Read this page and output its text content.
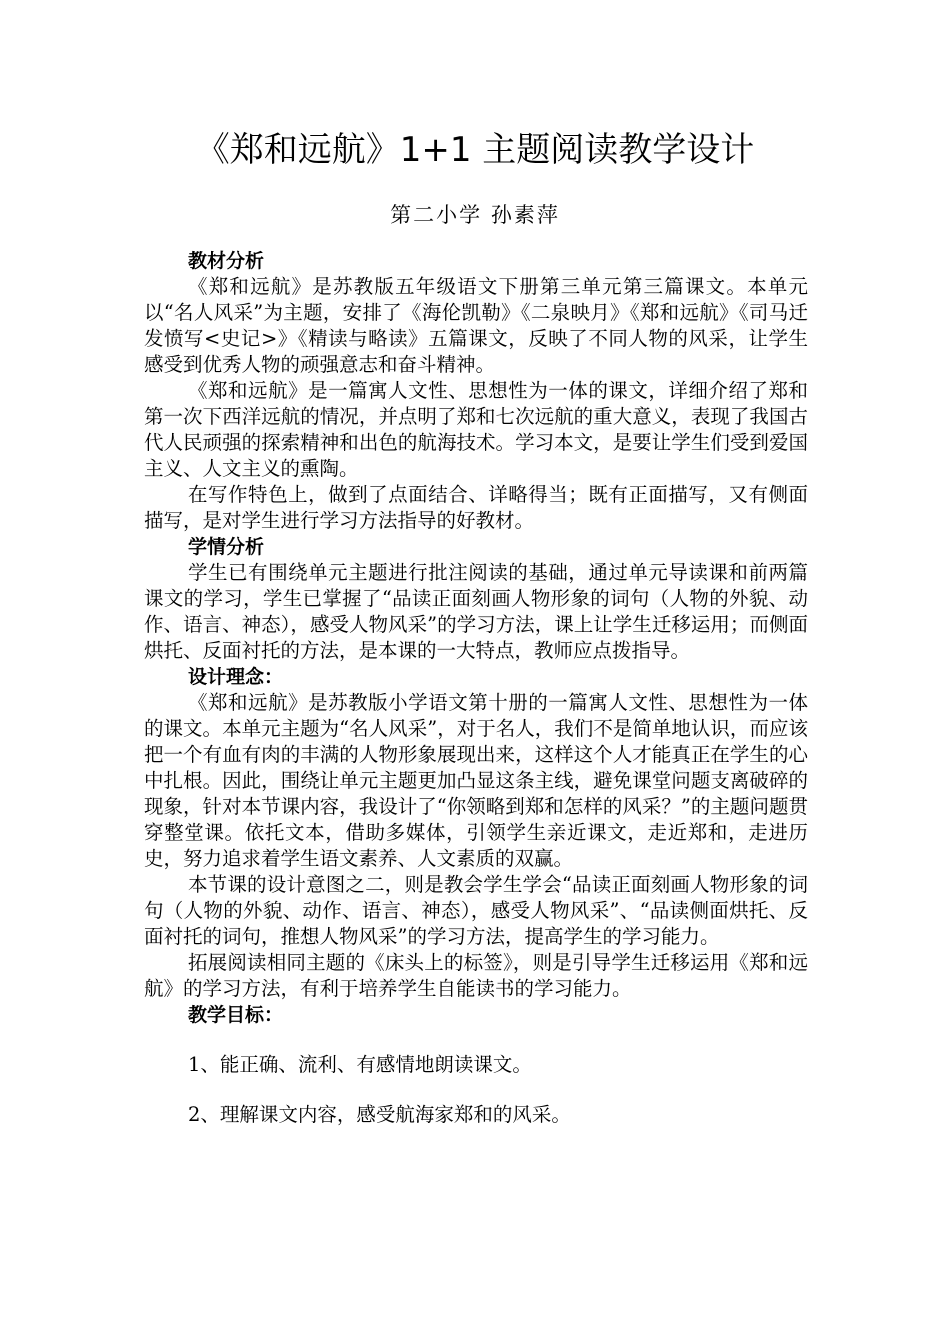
《郑和远航》1+1 主题阅读教学设计
第二小学 孙素萍
教材分析
《郑和远航》是苏教版五年级语文下册第三单元第三篇课文。本单元以“名人风采”为主题，安排了《海伦凯勒》《二泉映月》《郑和远航》《司马迁发愤写<史记>》《精读与略读》五篇课文，反映了不同人物的风采，让学生感受到优秀人物的顽强意志和奋斗精神。
《郑和远航》是一篇寓人文性、思想性为一体的课文，详细介绍了郑和第一次下西洋远航的情况，并点明了郑和七次远航的重大意义，表现了我国古代人民顽强的探索精神和出色的航海技术。学习本文，是要让学生们受到爱国主义、人文主义的熏陶。
在写作特色上，做到了点面结合、详略得当；既有正面描写，又有侧面描写，是对学生进行学习方法指导的好教材。
学情分析
学生已有围绕单元主题进行批注阅读的基础，通过单元导读课和前两篇课文的学习，学生已掌握了“品读正面刻画人物形象的词句（人物的外貌、动作、语言、神态），感受人物风采”的学习方法，课上让学生迁移运用；而侧面烘托、反面衬托的方法，是本课的一大特点，教师应点拨指导。
设计理念：
《郑和远航》是苏教版小学语文第十册的一篇寓人文性、思想性为一体的课文。本单元主题为“名人风采”，对于名人，我们不是简单地认识，而应该把一个有血有肉的丰满的人物形象展现出来，这样这个人才能真正在学生的心中扎根。因此，围绕让单元主题更加凸显这条主线，避免课堂问题支离破碎的现象，针对本节课内容，我设计了“你领略到郑和怎样的风采？”的主题问题贯穿整堂课。依托文本，借助多媒体，引领学生亲近课文，走近郑和，走进历史，努力追求着学生语文素养、人文素质的双赢。
本节课的设计意图之二，则是教会学生学会“品读正面刻画人物形象的词句（人物的外貌、动作、语言、神态），感受人物风采”、“品读侧面烘托、反面衬托的词句，推想人物风采”的学习方法，提高学生的学习能力。
拓展阅读相同主题的《床头上的标签》，则是引导学生迁移运用《郑和远航》的学习方法，有利于培养学生自能读书的学习能力。
教学目标：
1、能正确、流利、有感情地朗读课文。
2、理解课文内容，感受航海家郑和的风采。
